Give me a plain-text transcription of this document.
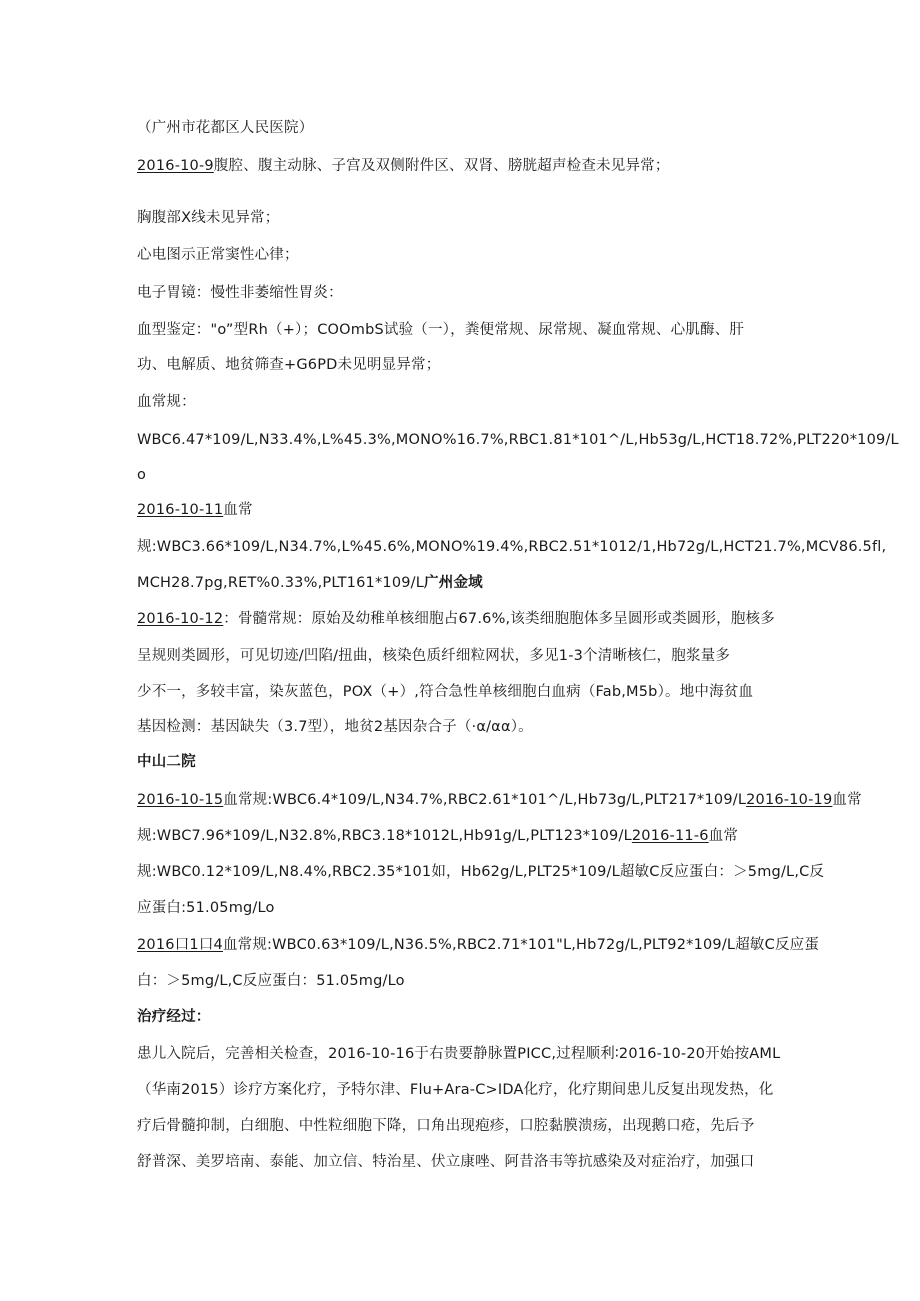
（广州市花都区人民医院）
2016-10-9腹腔、腹主动脉、子宫及双侧附件区、双肾、膀胱超声检查未见异常；
胸腹部X线未见异常；
心电图示正常窦性心律；
电子胃镜：慢性非萎缩性胃炎：
血型鉴定："o”型Rh（+）；COOmbS试验（一），粪便常规、尿常规、凝血常规、心肌酶、肝
功、电解质、地贫筛查+G6PD未见明显异常；
血常规：
WBC6.47*109∕L,N33.4%,L%45.3%,MONO%16.7%,RBC1.81*101^∕L,Hb53g∕L,HCT18.72%,PLT220*109∕L
o
2016-10-11血常
规:WBC3.66*109∕L,N34.7%,L%45.6%,MONO%19.4%,RBC2.51*1012/1,Hb72g∕L,HCT21.7%,MCV86.5fl,
MCH28.7pg,RET%0.33%,PLT161*109∕L广州金域
2016-10-12：骨髓常规：原始及幼稚单核细胞占67.6%,该类细胞胞体多呈圆形或类圆形，胞核多
呈规则类圆形，可见切迹/凹陷/扭曲，核染色质纤细粒网状，多见1-3个清晰核仁，胞浆量多
少不一，多较丰富，染灰蓝色，POX（+）,符合急性单核细胞白血病（Fab,M5b）。地中海贫血
基因检测：基因缺失（3.7型），地贫2基因杂合子（·α∕αα）。
中山二院
2016-10-15血常规:WBC6.4*109∕L,N34.7%,RBC2.61*101^∕L,Hb73g∕L,PLT217*109∕L2016-10-19血常
规:WBC7.96*109∕L,N32.8%,RBC3.18*1012L,Hb91g∕L,PLT123*109∕L2016-11-6血常
规:WBC0.12*109∕L,N8.4%,RBC2.35*101如，Hb62g∕L,PLT25*109∕L超敏C反应蛋白：＞5mg∕L,C反
应蛋白:51.05mg∕Lo
2016口1口4血常规:WBC0.63*109∕L,N36.5%,RBC2.71*101"L,Hb72g∕L,PLT92*109∕L超敏C反应蛋
白：＞5mg∕L,C反应蛋白：51.05mg∕Lo
治疗经过：
患儿入院后，完善相关检查，2016-10-16于右贵要静脉置PICC,过程顺利∶2016-10-20开始按AML
（华南2015）诊疗方案化疗，予特尔津、Flu+Ara-C>IDA化疗，化疗期间患儿反复出现发热，化
疗后骨髓抑制，白细胞、中性粒细胞下降，口角出现疱疹，口腔黏膜溃疡，出现鹅口疮，先后予
舒普深、美罗培南、泰能、加立信、特治星、伏立康唑、阿昔洛韦等抗感染及对症治疗，加强口
